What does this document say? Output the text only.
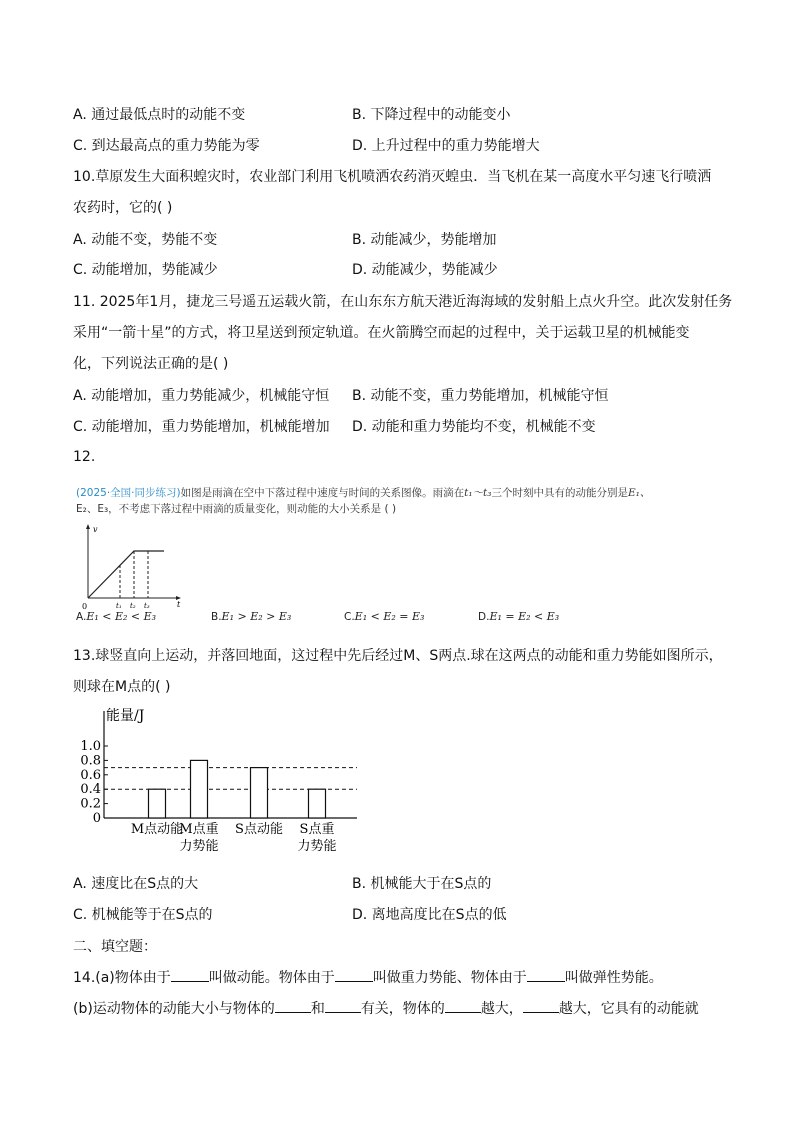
A. 通过最低点时的动能不变	B. 下降过程中的动能变小
C. 到达最高点的重力势能为零	D. 上升过程中的重力势能增大
10.草原发生大面积蝗灾时，农业部门利用飞机喷洒农药消灭蝗虫．当飞机在某一高度水平匀速飞行喷洒
农药时，它的( )
A. 动能不变，势能不变	B. 动能减少，势能增加
C. 动能增加，势能减少	D. 动能减少，势能减少
11. 2025年1月，捷龙三号遥五运载火箭，在山东东方航天港近海海域的发射船上点火升空。此次发射任务
采用“一箭十星”的方式，将卫星送到预定轨道。在火箭腾空而起的过程中，关于运载卫星的机械能变
化，下列说法正确的是( )
A. 动能增加，重力势能减少，机械能守恒 B. 动能不变，重力势能增加，机械能守恒
C. 动能增加，重力势能增加，机械能增加 D. 动能和重力势能均不变，机械能不变
12.
(2025·全国·同步练习)如图是雨滴在空中下落过程中速度与时间的关系图像。雨滴在t₁～t₃三个时刻中具有的动能分别是E₁、
E₂、E₃，不考虑下落过程中雨滴的质量变化，则动能的大小关系是 ( )
v
t
0	t₁ t₂ t₃
A.E₁ < E₂ < E₃	B.E₁ > E₂ > E₃	C.E₁ < E₂ = E₃	D.E₁ = E₂ < E₃
13.球竖直向上运动，并落回地面，这过程中先后经过M、S两点.球在这两点的动能和重力势能如图所示，
则球在M点的( )
能量/J
0
0.2
0.4
0.6
0.8
1.0
M点动能
M点重
力势能
S点动能 S点重
力势能
A. 速度比在S点的大	B. 机械能大于在S点的
C. 机械能等于在S点的	D. 离地高度比在S点的低
二、填空题：
14.(a)物体由于	叫做动能。物体由于	叫做重力势能、物体由于	叫做弹性势能。
(b)运动物体的动能大小与物体的	和	有关，物体的	越大，	越大，它具有的动能就
